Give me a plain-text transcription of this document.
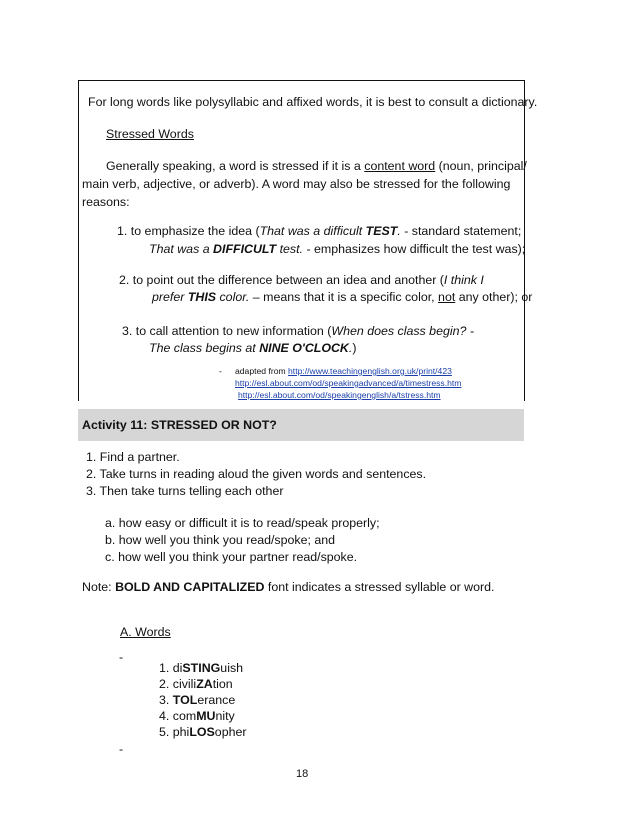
For long words like polysyllabic and affixed words, it is best to consult a dictionary.
Stressed Words
Generally speaking, a word is stressed if it is a content word (noun, principal/
main verb, adjective, or adverb). A word may also be stressed for the following
reasons:
1. to emphasize the idea (That was a difficult TEST. - standard statement;
That was a DIFFICULT test. - emphasizes how difficult the test was);
2. to point out the difference between an idea and another (I think I
prefer THIS color. – means that it is a specific color, not any other); or
3. to call attention to new information (When does class begin? -
The class begins at NINE O'CLOCK.)
- adapted from http://www.teachingenglish.org.uk/print/423
http://esl.about.com/od/speakingadvanced/a/timestress.htm
http://esl.about.com/od/speakingenglish/a/tstress.htm
Activity 11: STRESSED OR NOT?
1. Find a partner.
2. Take turns in reading aloud the given words and sentences.
3. Then take turns telling each other
a. how easy or difficult it is to read/speak properly;
b. how well you think you read/spoke; and
c. how well you think your partner read/spoke.
Note: BOLD AND CAPITALIZED font indicates a stressed syllable or word.
A. Words
-
1. diSTINGuish
2. civiliZAtion
3. TOLerance
4. comMUnity
5. phiLOSopher
-
18
